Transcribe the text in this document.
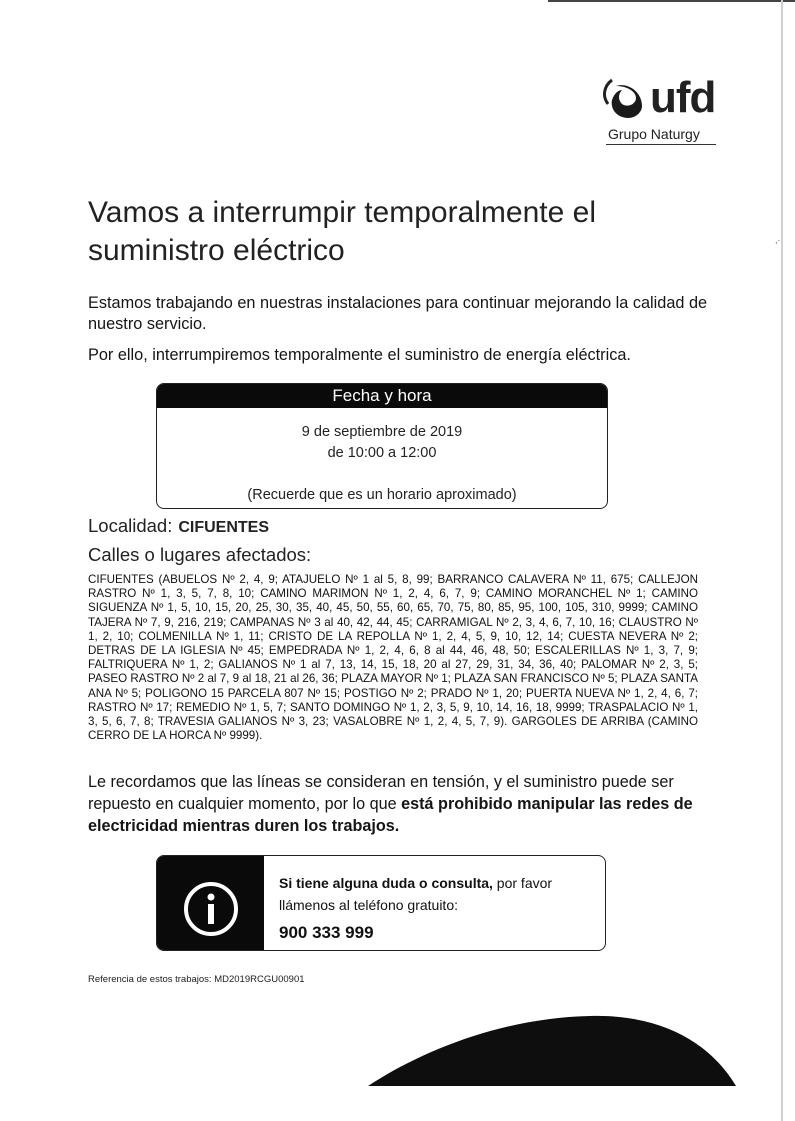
ufd
Grupo Naturgy
Vamos a interrumpir temporalmente el suministro eléctrico

Estamos trabajando en nuestras instalaciones para continuar mejorando la calidad de nuestro servicio.

Por ello, interrumpiremos temporalmente el suministro de energía eléctrica.

Fecha y hora
9 de septiembre de 2019
de 10:00 a 12:00
(Recuerde que es un horario aproximado)
Localidad: CIFUENTES
Calles o lugares afectados:

CIFUENTES (ABUELOS Nº 2, 4, 9; ATAJUELO Nº 1 al 5, 8, 99; BARRANCO CALAVERA Nº 11, 675; CALLEJON RASTRO Nº 1, 3, 5, 7, 8, 10; CAMINO MARIMON Nº 1, 2, 4, 6, 7, 9; CAMINO MORANCHEL Nº 1; CAMINO SIGUENZA Nº 1, 5, 10, 15, 20, 25, 30, 35, 40, 45, 50, 55, 60, 65, 70, 75, 80, 85, 95, 100, 105, 310, 9999; CAMINO TAJERA Nº 7, 9, 216, 219; CAMPANAS Nº 3 al 40, 42, 44, 45; CARRAMIGAL Nº 2, 3, 4, 6, 7, 10, 16; CLAUSTRO Nº 1, 2, 10; COLMENILLA Nº 1, 11; CRISTO DE LA REPOLLA Nº 1, 2, 4, 5, 9, 10, 12, 14; CUESTA NEVERA Nº 2; DETRAS DE LA IGLESIA Nº 45; EMPEDRADA Nº 1, 2, 4, 6, 8 al 44, 46, 48, 50; ESCALERILLAS Nº 1, 3, 7, 9; FALTRIQUERA Nº 1, 2; GALIANOS Nº 1 al 7, 13, 14, 15, 18, 20 al 27, 29, 31, 34, 36, 40; PALOMAR Nº 2, 3, 5; PASEO RASTRO Nº 2 al 7, 9 al 18, 21 al 26, 36; PLAZA MAYOR Nº 1; PLAZA SAN FRANCISCO Nº 5; PLAZA SANTA ANA Nº 5; POLIGONO 15 PARCELA 807 Nº 15; POSTIGO Nº 2; PRADO Nº 1, 20; PUERTA NUEVA Nº 1, 2, 4, 6, 7; RASTRO Nº 17; REMEDIO Nº 1, 5, 7; SANTO DOMINGO Nº 1, 2, 3, 5, 9, 10, 14, 16, 18, 9999; TRASPALACIO Nº 1, 3, 5, 6, 7, 8; TRAVESIA GALIANOS Nº 3, 23; VASALOBRE Nº 1, 2, 4, 5, 7, 9). GARGOLES DE ARRIBA (CAMINO CERRO DE LA HORCA Nº 9999).

Le recordamos que las líneas se consideran en tensión, y el suministro puede ser repuesto en cualquier momento, por lo que está prohibido manipular las redes de electricidad mientras duren los trabajos.

Si tiene alguna duda o consulta, por favor llámenos al teléfono gratuito:
900 333 999
Referencia de estos trabajos: MD2019RCGU00901
,·
